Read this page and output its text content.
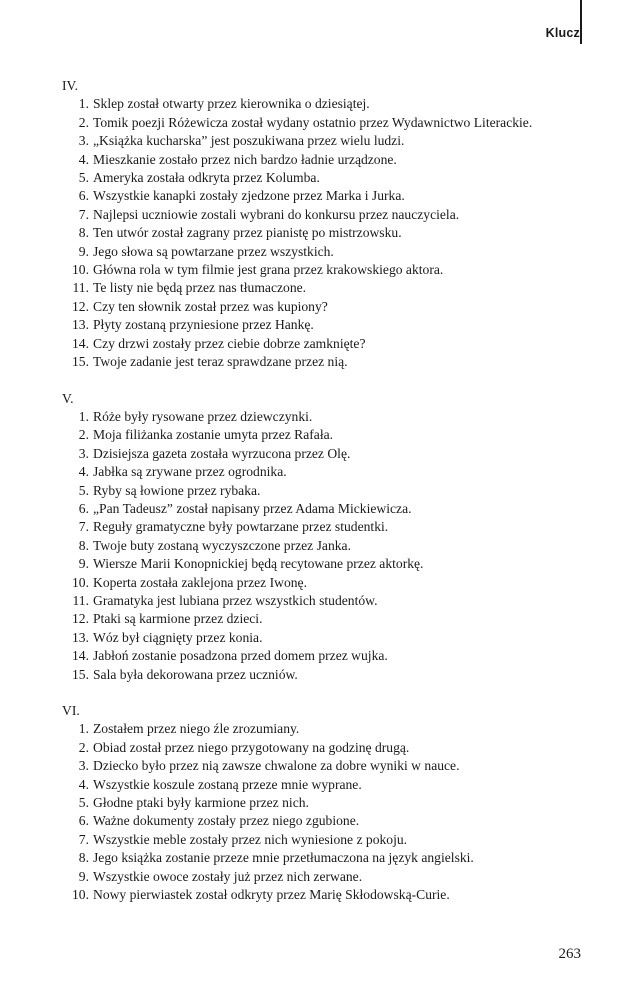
Klucz
IV.
1. Sklep został otwarty przez kierownika o dziesiątej.
2. Tomik poezji Różewicza został wydany ostatnio przez Wydawnictwo Literackie.
3. „Książka kucharska” jest poszukiwana przez wielu ludzi.
4. Mieszkanie zostało przez nich bardzo ładnie urządzone.
5. Ameryka została odkryta przez Kolumba.
6. Wszystkie kanapki zostały zjedzone przez Marka i Jurka.
7. Najlepsi uczniowie zostali wybrani do konkursu przez nauczyciela.
8. Ten utwór został zagrany przez pianistę po mistrzowsku.
9. Jego słowa są powtarzane przez wszystkich.
10. Główna rola w tym filmie jest grana przez krakowskiego aktora.
11. Te listy nie będą przez nas tłumaczone.
12. Czy ten słownik został przez was kupiony?
13. Płyty zostaną przyniesione przez Hankę.
14. Czy drzwi zostały przez ciebie dobrze zamknięte?
15. Twoje zadanie jest teraz sprawdzane przez nią.
V.
1. Róże były rysowane przez dziewczynki.
2. Moja filiżanka zostanie umyta przez Rafała.
3. Dzisiejsza gazeta została wyrzucona przez Olę.
4. Jabłka są zrywane przez ogrodnika.
5. Ryby są łowione przez rybaka.
6. „Pan Tadeusz” został napisany przez Adama Mickiewicza.
7. Reguły gramatyczne były powtarzane przez studentki.
8. Twoje buty zostaną wyczyszczone przez Janka.
9. Wiersze Marii Konopnickiej będą recytowane przez aktorkę.
10. Koperta została zaklejona przez Iwonę.
11. Gramatyka jest lubiana przez wszystkich studentów.
12. Ptaki są karmione przez dzieci.
13. Wóz był ciągnięty przez konia.
14. Jabłoń zostanie posadzona przed domem przez wujka.
15. Sala była dekorowana przez uczniów.
VI.
1. Zostałem przez niego źle zrozumiany.
2. Obiad został przez niego przygotowany na godzinę drugą.
3. Dziecko było przez nią zawsze chwalone za dobre wyniki w nauce.
4. Wszystkie koszule zostaną przeze mnie wyprane.
5. Głodne ptaki były karmione przez nich.
6. Ważne dokumenty zostały przez niego zgubione.
7. Wszystkie meble zostały przez nich wyniesione z pokoju.
8. Jego książka zostanie przeze mnie przetłumaczona na język angielski.
9. Wszystkie owoce zostały już przez nich zerwane.
10. Nowy pierwiastek został odkryty przez Marię Skłodowską-Curie.
263
